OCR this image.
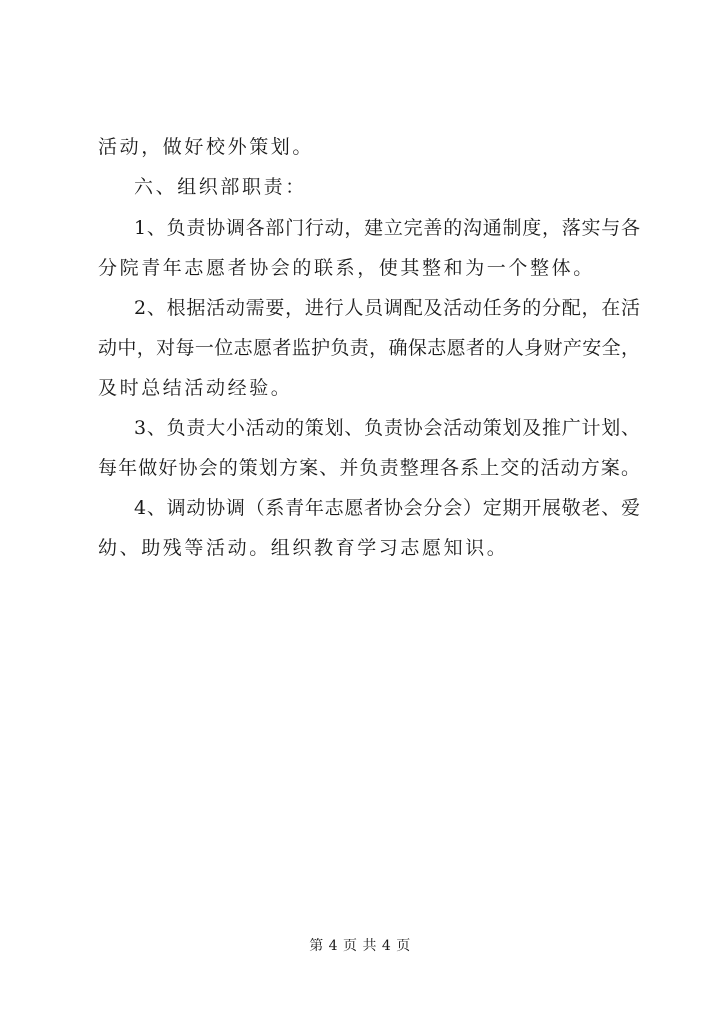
活动，做好校外策划。
六、组织部职责：
1、负责协调各部门行动，建立完善的沟通制度，落实与各
分院青年志愿者协会的联系，使其整和为一个整体。
2、根据活动需要，进行人员调配及活动任务的分配，在活
动中，对每一位志愿者监护负责，确保志愿者的人身财产安全，
及时总结活动经验。
3、负责大小活动的策划、负责协会活动策划及推广计划、
每年做好协会的策划方案、并负责整理各系上交的活动方案。
4、调动协调（系青年志愿者协会分会）定期开展敬老、爱
幼、助残等活动。组织教育学习志愿知识。
第 4 页 共 4 页
